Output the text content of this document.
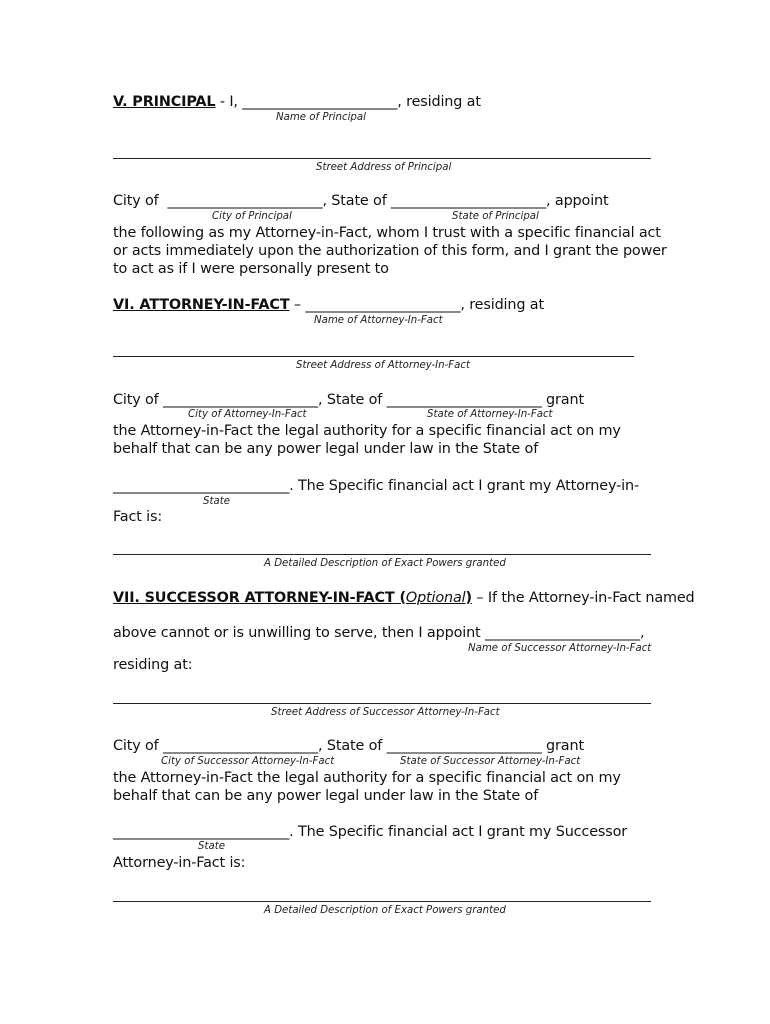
V. PRINCIPAL - I, ______________________, residing at
Name of Principal
Street Address of Principal
City of  ______________________, State of ______________________, appoint
City of Principal	State of Principal
the following as my Attorney-in-Fact, whom I trust with a specific financial act
or acts immediately upon the authorization of this form, and I grant the power
to act as if I were personally present to
VI. ATTORNEY-IN-FACT – ______________________, residing at
Name of Attorney-In-Fact
Street Address of Attorney-In-Fact
City of ______________________, State of ______________________ grant
City of Attorney-In-Fact	State of Attorney-In-Fact
the Attorney-in-Fact the legal authority for a specific financial act on my
behalf that can be any power legal under law in the State of
_________________________. The Specific financial act I grant my Attorney-in-
State
Fact is:
A Detailed Description of Exact Powers granted
VII. SUCCESSOR ATTORNEY-IN-FACT (Optional) – If the Attorney-in-Fact named
above cannot or is unwilling to serve, then I appoint ______________________,
Name of Successor Attorney-In-Fact
residing at:
Street Address of Successor Attorney-In-Fact
City of ______________________, State of ______________________ grant
City of Successor Attorney-In-Fact	State of Successor Attorney-In-Fact
the Attorney-in-Fact the legal authority for a specific financial act on my
behalf that can be any power legal under law in the State of
_________________________. The Specific financial act I grant my Successor
State
Attorney-in-Fact is:
A Detailed Description of Exact Powers granted
